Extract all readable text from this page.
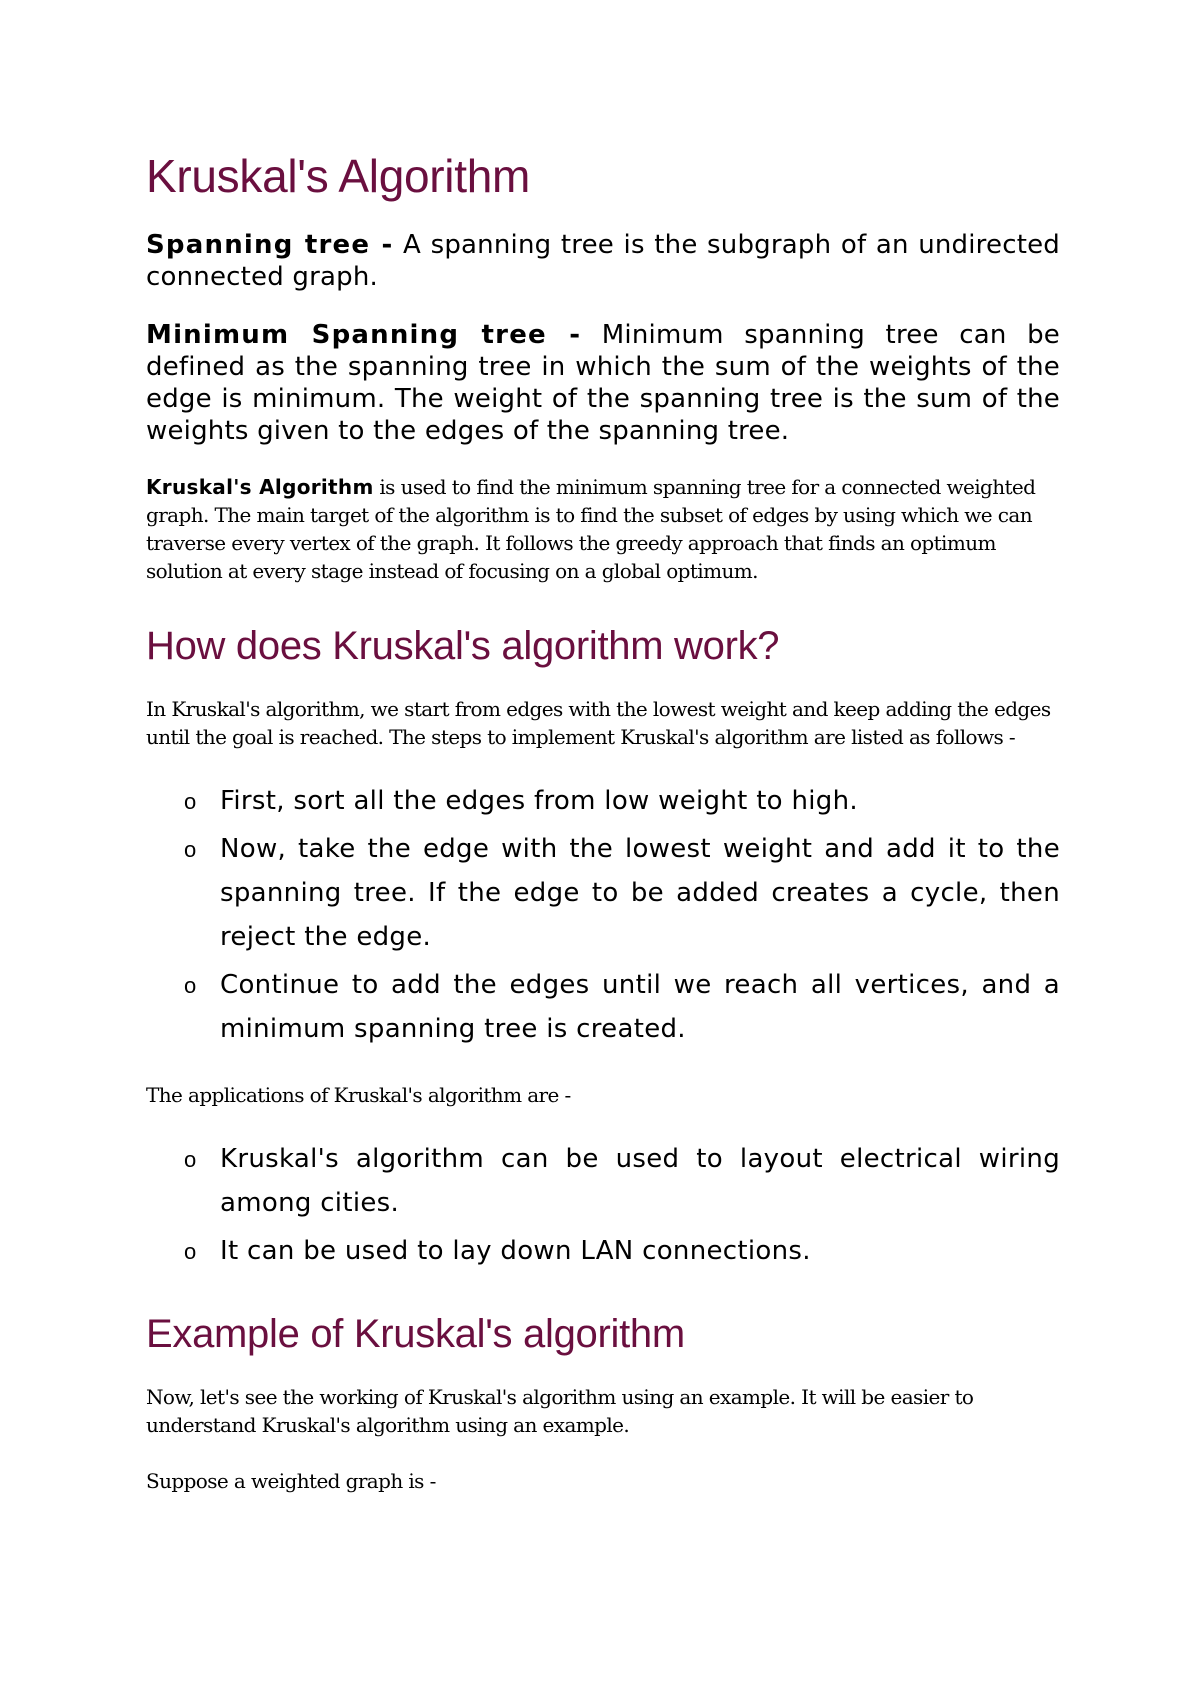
Kruskal's Algorithm

Spanning tree - A spanning tree is the subgraph of an undirected connected graph.

Minimum Spanning tree - Minimum spanning tree can be defined as the spanning tree in which the sum of the weights of the edge is minimum. The weight of the spanning tree is the sum of the weights given to the edges of the spanning tree.

Kruskal's Algorithm is used to find the minimum spanning tree for a connected weighted graph. The main target of the algorithm is to find the subset of edges by using which we can traverse every vertex of the graph. It follows the greedy approach that finds an optimum solution at every stage instead of focusing on a global optimum.

How does Kruskal's algorithm work?

In Kruskal's algorithm, we start from edges with the lowest weight and keep adding the edges until the goal is reached. The steps to implement Kruskal's algorithm are listed as follows -

o First, sort all the edges from low weight to high.
o Now, take the edge with the lowest weight and add it to the spanning tree. If the edge to be added creates a cycle, then reject the edge.
o Continue to add the edges until we reach all vertices, and a minimum spanning tree is created.

The applications of Kruskal's algorithm are -

o Kruskal's algorithm can be used to layout electrical wiring among cities.
o It can be used to lay down LAN connections.
Example of Kruskal's algorithm

Now, let's see the working of Kruskal's algorithm using an example. It will be easier to understand Kruskal's algorithm using an example.

Suppose a weighted graph is -
